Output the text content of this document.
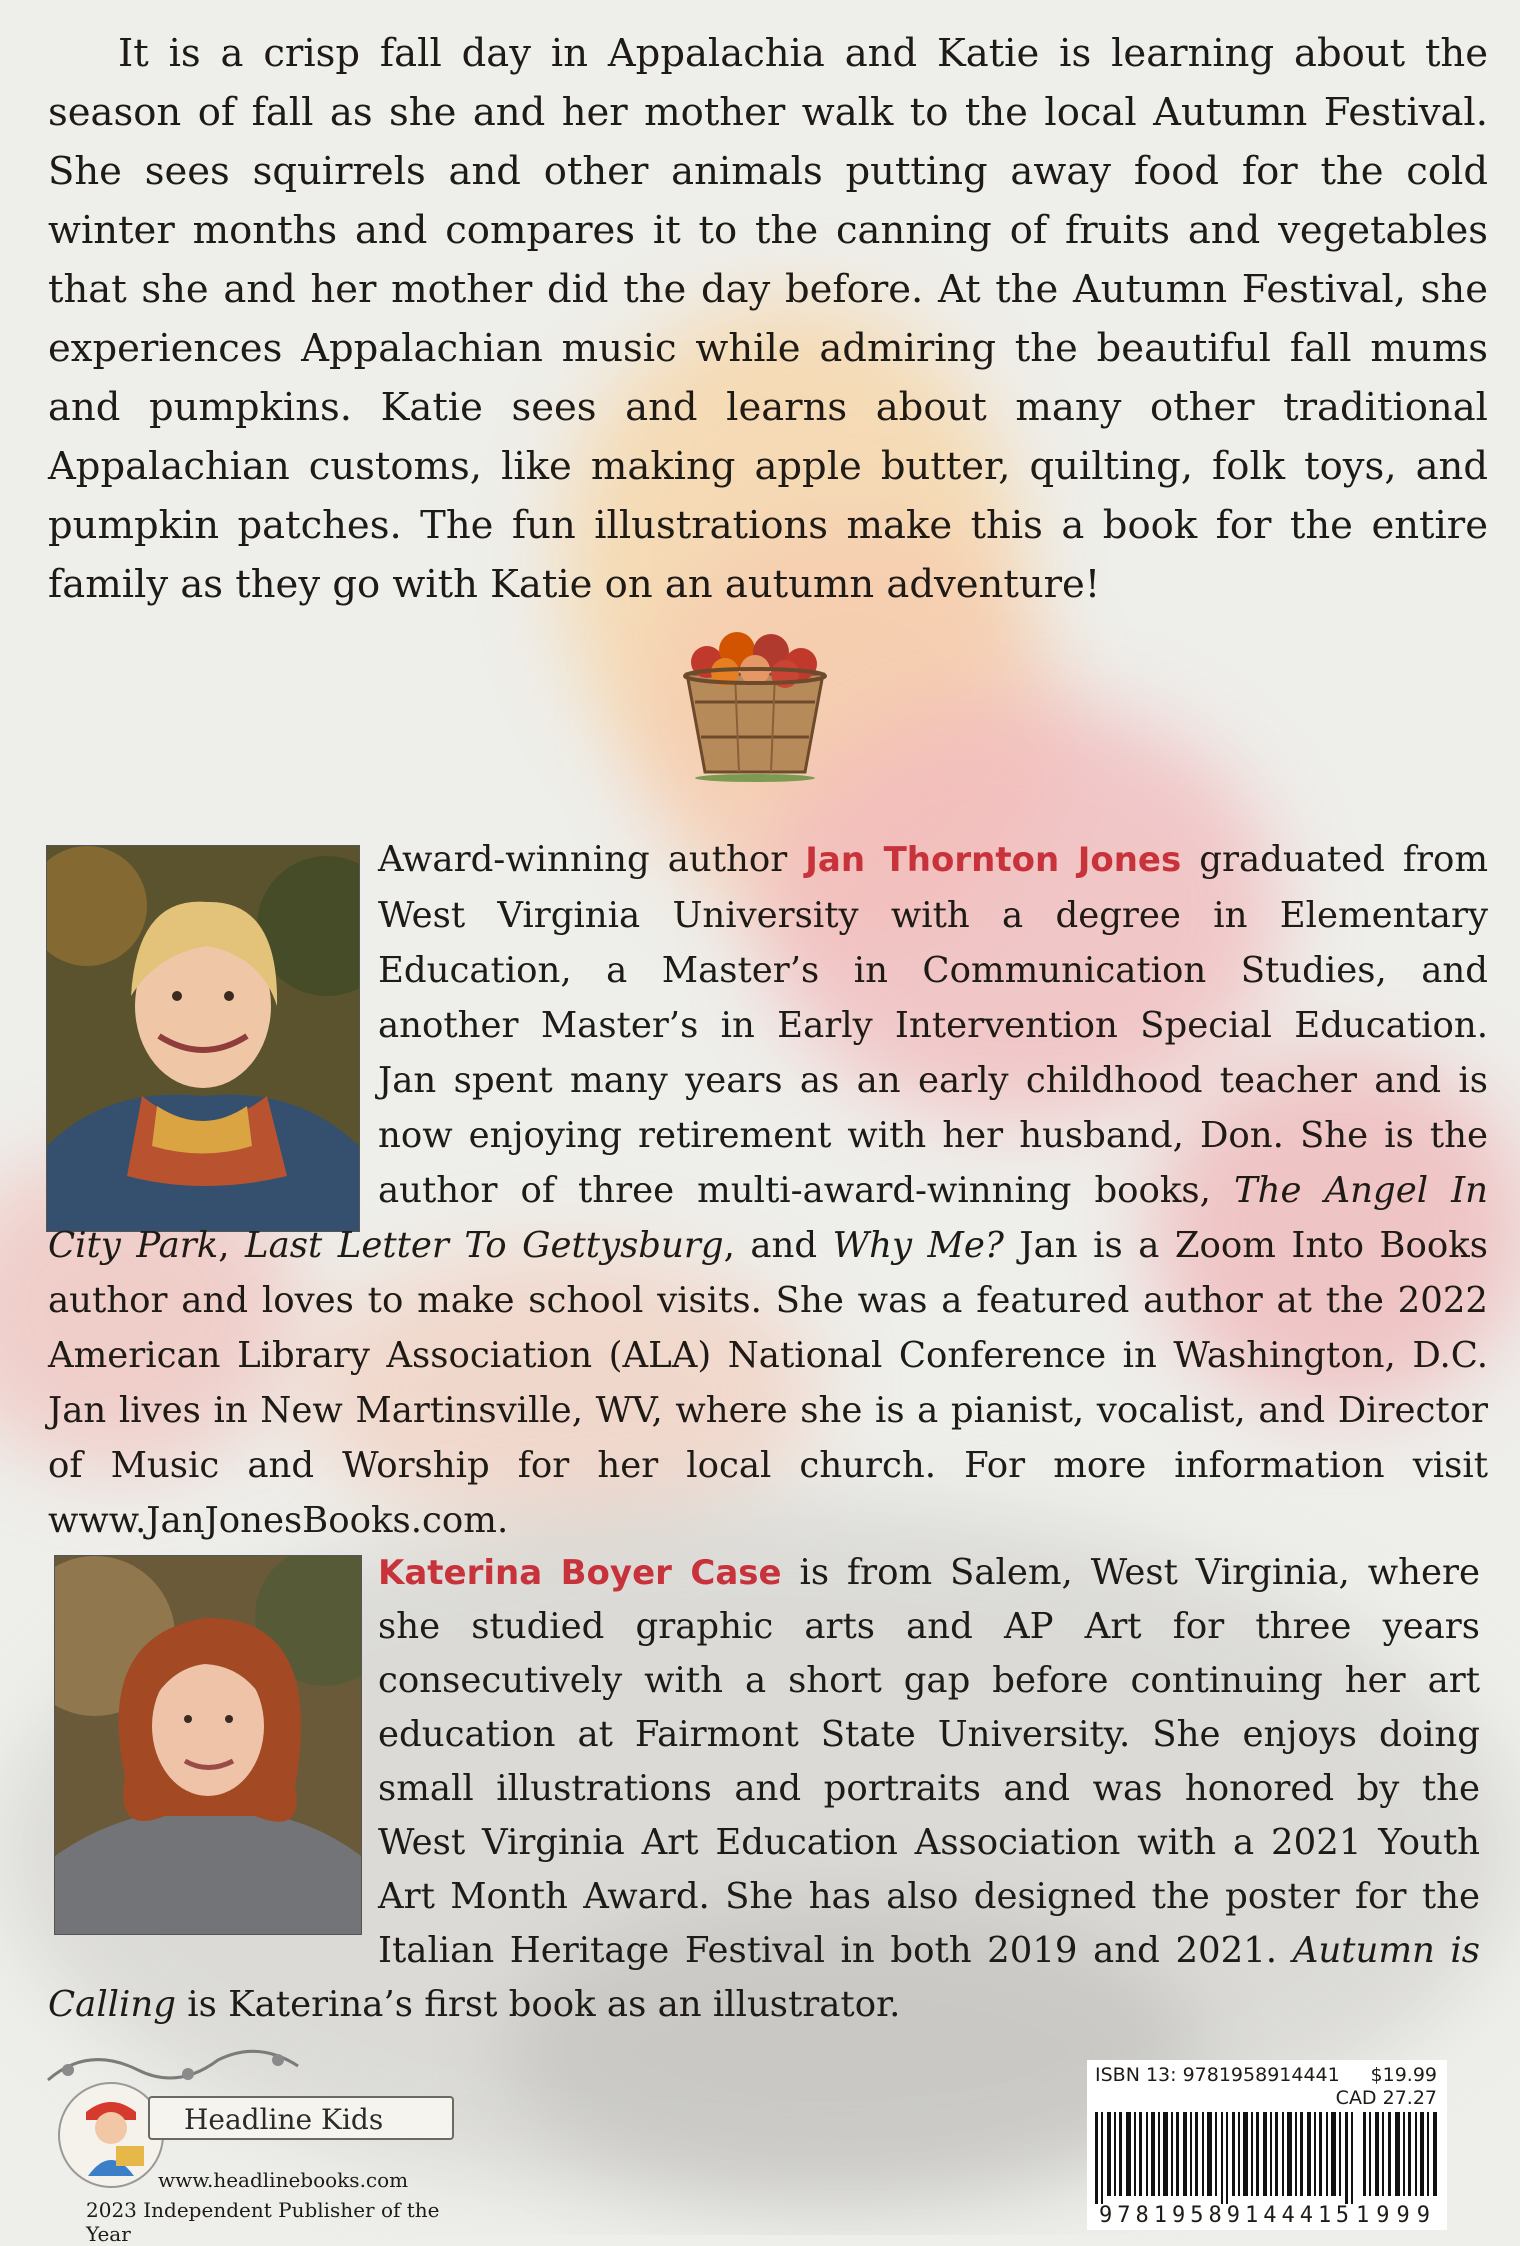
It is a crisp fall day in Appalachia and Katie is learning about the season of fall as she and her mother walk to the local Autumn Festival. She sees squirrels and other animals putting away food for the cold winter months and compares it to the canning of fruits and vegetables that she and her mother did the day before. At the Autumn Festival, she experiences Appalachian music while admiring the beautiful fall mums and pumpkins. Katie sees and learns about many other traditional Appalachian customs, like making apple butter, quilting, folk toys, and pumpkin patches. The fun illustrations make this a book for the entire family as they go with Katie on an autumn adventure!

Award-winning author Jan Thornton Jones graduated from West Virginia University with a degree in Elementary Education, a Master’s in Communication Studies, and another Master’s in Early Intervention Special Education. Jan spent many years as an early childhood teacher and is now enjoying retirement with her husband, Don. She is the author of three multi-award-winning books, The Angel In City Park, Last Letter To Gettysburg, and Why Me? Jan is a Zoom Into Books author and loves to make school visits. She was a featured author at the 2022 American Library Association (ALA) National Conference in Washington, D.C. Jan lives in New Martinsville, WV, where she is a pianist, vocalist, and Director of Music and Worship for her local church. For more information visit www.JanJonesBooks.com.

Katerina Boyer Case is from Salem, West Virginia, where she studied graphic arts and AP Art for three years consecutively with a short gap before continuing her art education at Fairmont State University. She enjoys doing small illustrations and portraits and was honored by the West Virginia Art Education Association with a 2021 Youth Art Month Award. She has also designed the poster for the Italian Heritage Festival in both 2019 and 2021. Autumn is Calling is Katerina’s first book as an illustrator.

Headline Kids
www.headlinebooks.com
2023 Independent Publisher of the Year
ISBN 13: 9781958914441 $19.99
CAD 27.27
9781958914441 51999
